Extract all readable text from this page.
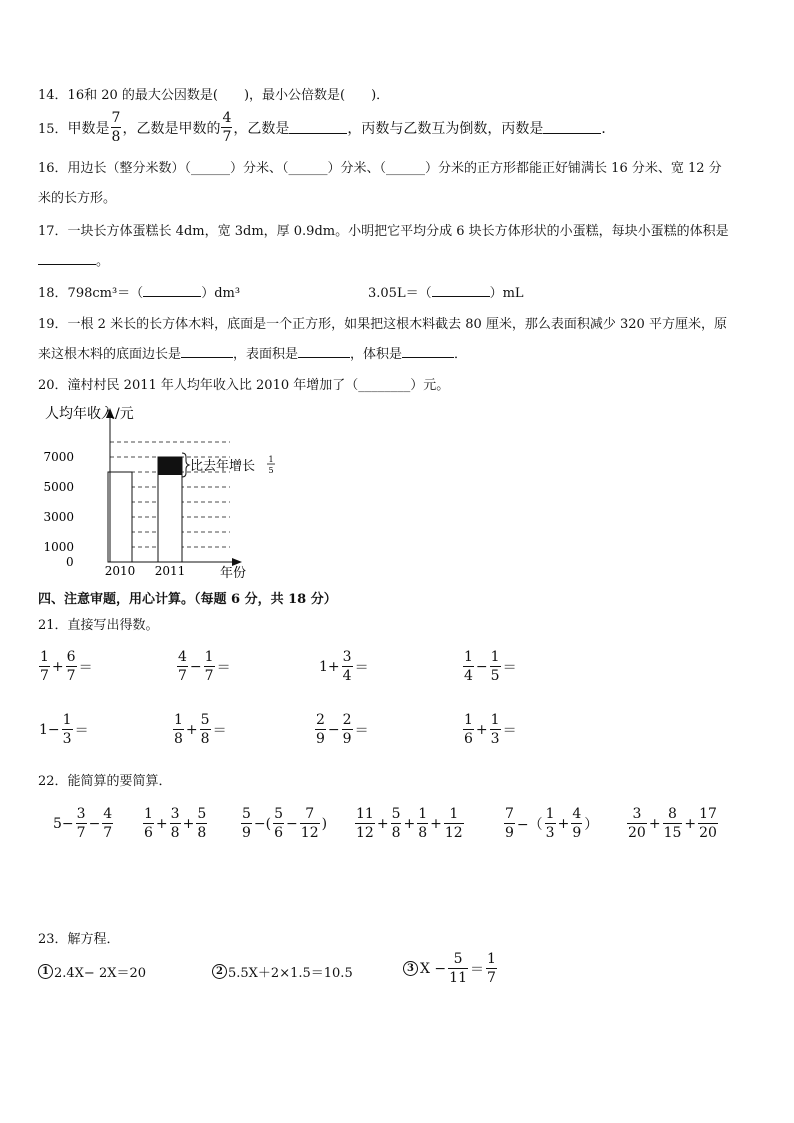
14．16和 20 的最大公因数是(　　)，最小公倍数是(　　)．
15． 甲数是 $\frac{7}{8}$ ，乙数是甲数的 $\frac{4}{7}$ ，乙数是	，丙数与乙数互为倒数，丙数是	．
16．用边长（整分米数）（______）分米、（______）分米、（______）分米的正方形都能正好铺满长 16 分米、宽 12 分
米的长方形。
17．一块长方体蛋糕长 4dm，宽 3dm，厚 0.9dm。小明把它平均分成 6 块长方体形状的小蛋糕，每块小蛋糕的体积是
。
18．798cm³＝（	）dm³	3.05L＝（	）mL
19．一根 2 米长的长方体木料，底面是一个正方形，如果把这根木料截去 80 厘米，那么表面积减少 320 平方厘米，原
来这根木料的底面边长是	，表面积是	，体积是	．
20．潼村村民 2011 年人均年收入比 2010 年增加了（________）元。
0
1000
3000
5000
7000
2010 2011
人均年收入/元
年份
比去年增长 1
5
四、注意审题，用心计算。（每题 6 分，共 18 分）
21．直接写出得数。
$\frac{1}{7} + \frac{6}{7}$ ＝	$\frac{4}{7} - \frac{1}{7}$ ＝	$1+ \frac{3}{4}$ ＝	$\frac{1}{4} - \frac{1}{5}$ ＝
$1- \frac{1}{3}$ ＝	$\frac{1}{8} + \frac{5}{8}$ ＝	$\frac{2}{9} - \frac{2}{9}$ ＝	$\frac{1}{6} + \frac{1}{3}$ ＝
22．能简算的要简算．
$5- \frac{3}{7} - \frac{4}{7} \frac{1}{6} + \frac{3}{8} + \frac{5}{8} \frac{5}{9}$ −( $\frac{5}{6} - \frac{7}{12}$ ) $\frac{11}{12} + \frac{5}{8} + \frac{1}{8} + \frac{1}{12}$	$\frac{7}{9}$ −（ $\frac{1}{3} + \frac{4}{9}$ ） $\frac{3}{20} + \frac{8}{15} + \frac{17}{20}$
23．解方程．
1 2.4X− 2X＝20	2 5.5X＋2×1.5＝10.5	3 $X - \frac{5}{11} = \frac{1}{7}$
